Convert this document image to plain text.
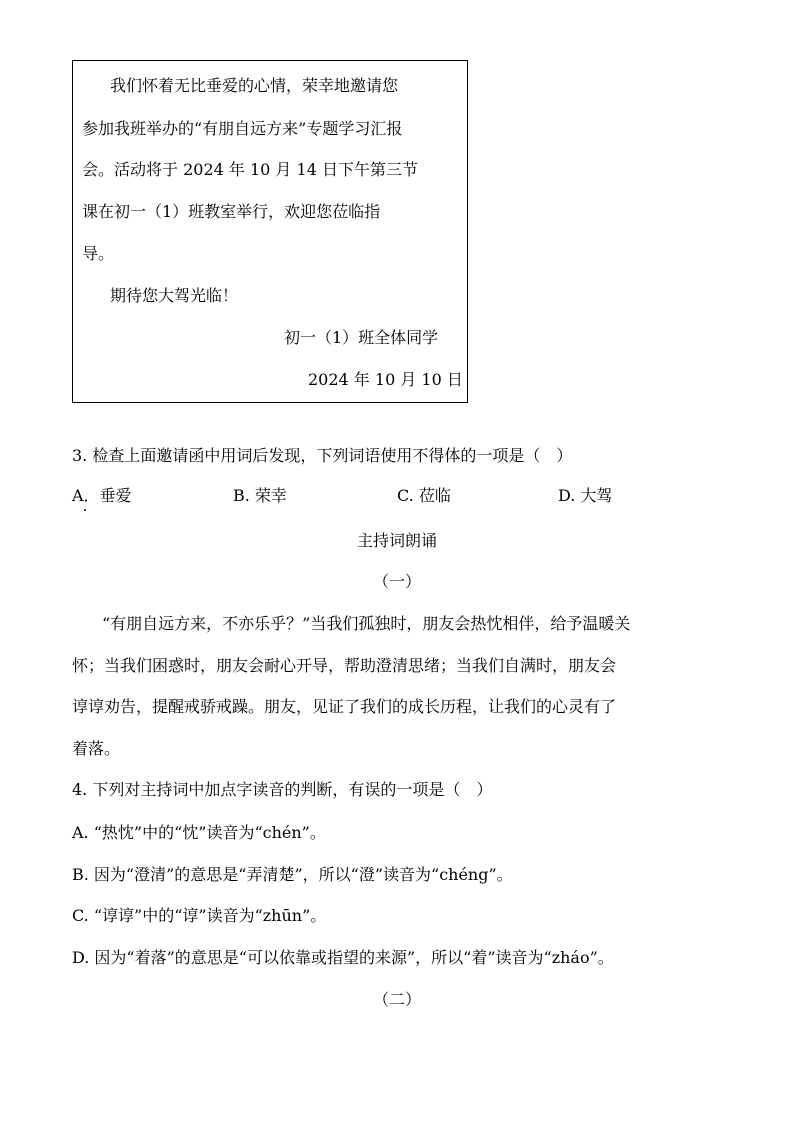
我们怀着无比垂爱的心情，荣幸地邀请您
参加我班举办的“有朋自远方来”专题学习汇报
会。活动将于 2024 年 10 月 14 日下午第三节
课在初一（1）班教室举行，欢迎您莅临指
导。
期待您大驾光临！
初一（1）班全体同学
2024 年 10 月 10 日
3. 检查上面邀请函中用词后发现，下列词语使用不得体的一项是（　）
A．垂爱	B. 荣幸	C. 莅临	D. 大驾
主持词朗诵
（一）
“有朋自远方来，不亦乐乎？”当我们孤独时，朋友会热忱相伴，给予温暖关
怀；当我们困惑时，朋友会耐心开导，帮助澄清思绪；当我们自满时，朋友会
谆谆劝告，提醒戒骄戒躁。朋友，见证了我们的成长历程，让我们的心灵有了
着落。
4. 下列对主持词中加点字读音的判断，有误的一项是（　）
A. “热忱”中的“忱”读音为“chén”。
B. 因为“澄清”的意思是“弄清楚”，所以“澄”读音为“chéng”。
C. “谆谆”中的“谆”读音为“zhūn”。
D. 因为“着落”的意思是“可以依靠或指望的来源”，所以“着”读音为“zháo”。
（二）
